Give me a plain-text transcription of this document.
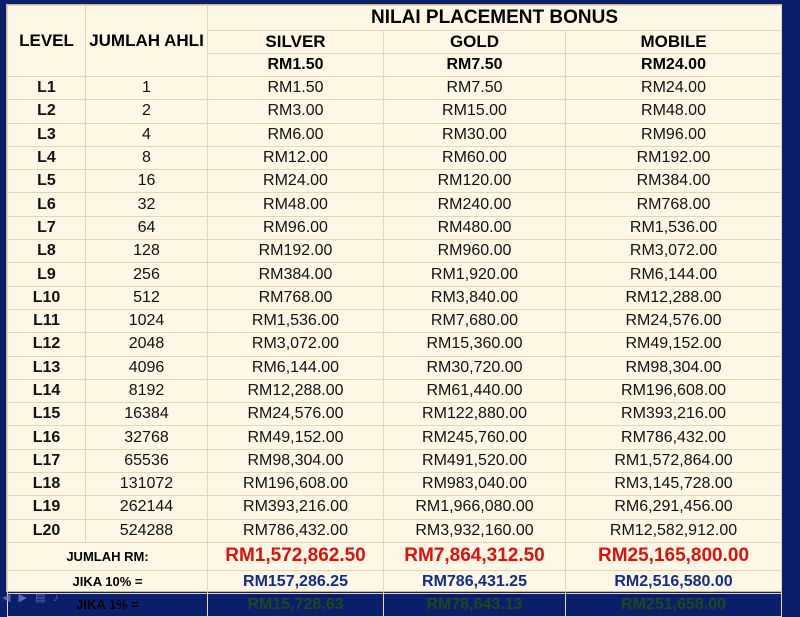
LEVEL	JUMLAH AHLI	NILAI PLACEMENT BONUS		
		SILVER	GOLD	MOBILE
		RM1.50	RM7.50	RM24.00
L1	1	RM1.50	RM7.50	RM24.00
L2	2	RM3.00	RM15.00	RM48.00
L3	4	RM6.00	RM30.00	RM96.00
L4	8	RM12.00	RM60.00	RM192.00
L5	16	RM24.00	RM120.00	RM384.00
L6	32	RM48.00	RM240.00	RM768.00
L7	64	RM96.00	RM480.00	RM1,536.00
L8	128	RM192.00	RM960.00	RM3,072.00
L9	256	RM384.00	RM1,920.00	RM6,144.00
L10	512	RM768.00	RM3,840.00	RM12,288.00
L11	1024	RM1,536.00	RM7,680.00	RM24,576.00
L12	2048	RM3,072.00	RM15,360.00	RM49,152.00
L13	4096	RM6,144.00	RM30,720.00	RM98,304.00
L14	8192	RM12,288.00	RM61,440.00	RM196,608.00
L15	16384	RM24,576.00	RM122,880.00	RM393,216.00
L16	32768	RM49,152.00	RM245,760.00	RM786,432.00
L17	65536	RM98,304.00	RM491,520.00	RM1,572,864.00
L18	131072	RM196,608.00	RM983,040.00	RM3,145,728.00
L19	262144	RM393,216.00	RM1,966,080.00	RM6,291,456.00
L20	524288	RM786,432.00	RM3,932,160.00	RM12,582,912.00
JUMLAH RM:		RM1,572,862.50	RM7,864,312.50	RM25,165,800.00
JIKA 10% =		RM157,286.25	RM786,431.25	RM2,516,580.00
JIKA 1% =		RM15,728.63	RM78,643.13	RM251,658.00
◀ ▶ ▤ ♪
